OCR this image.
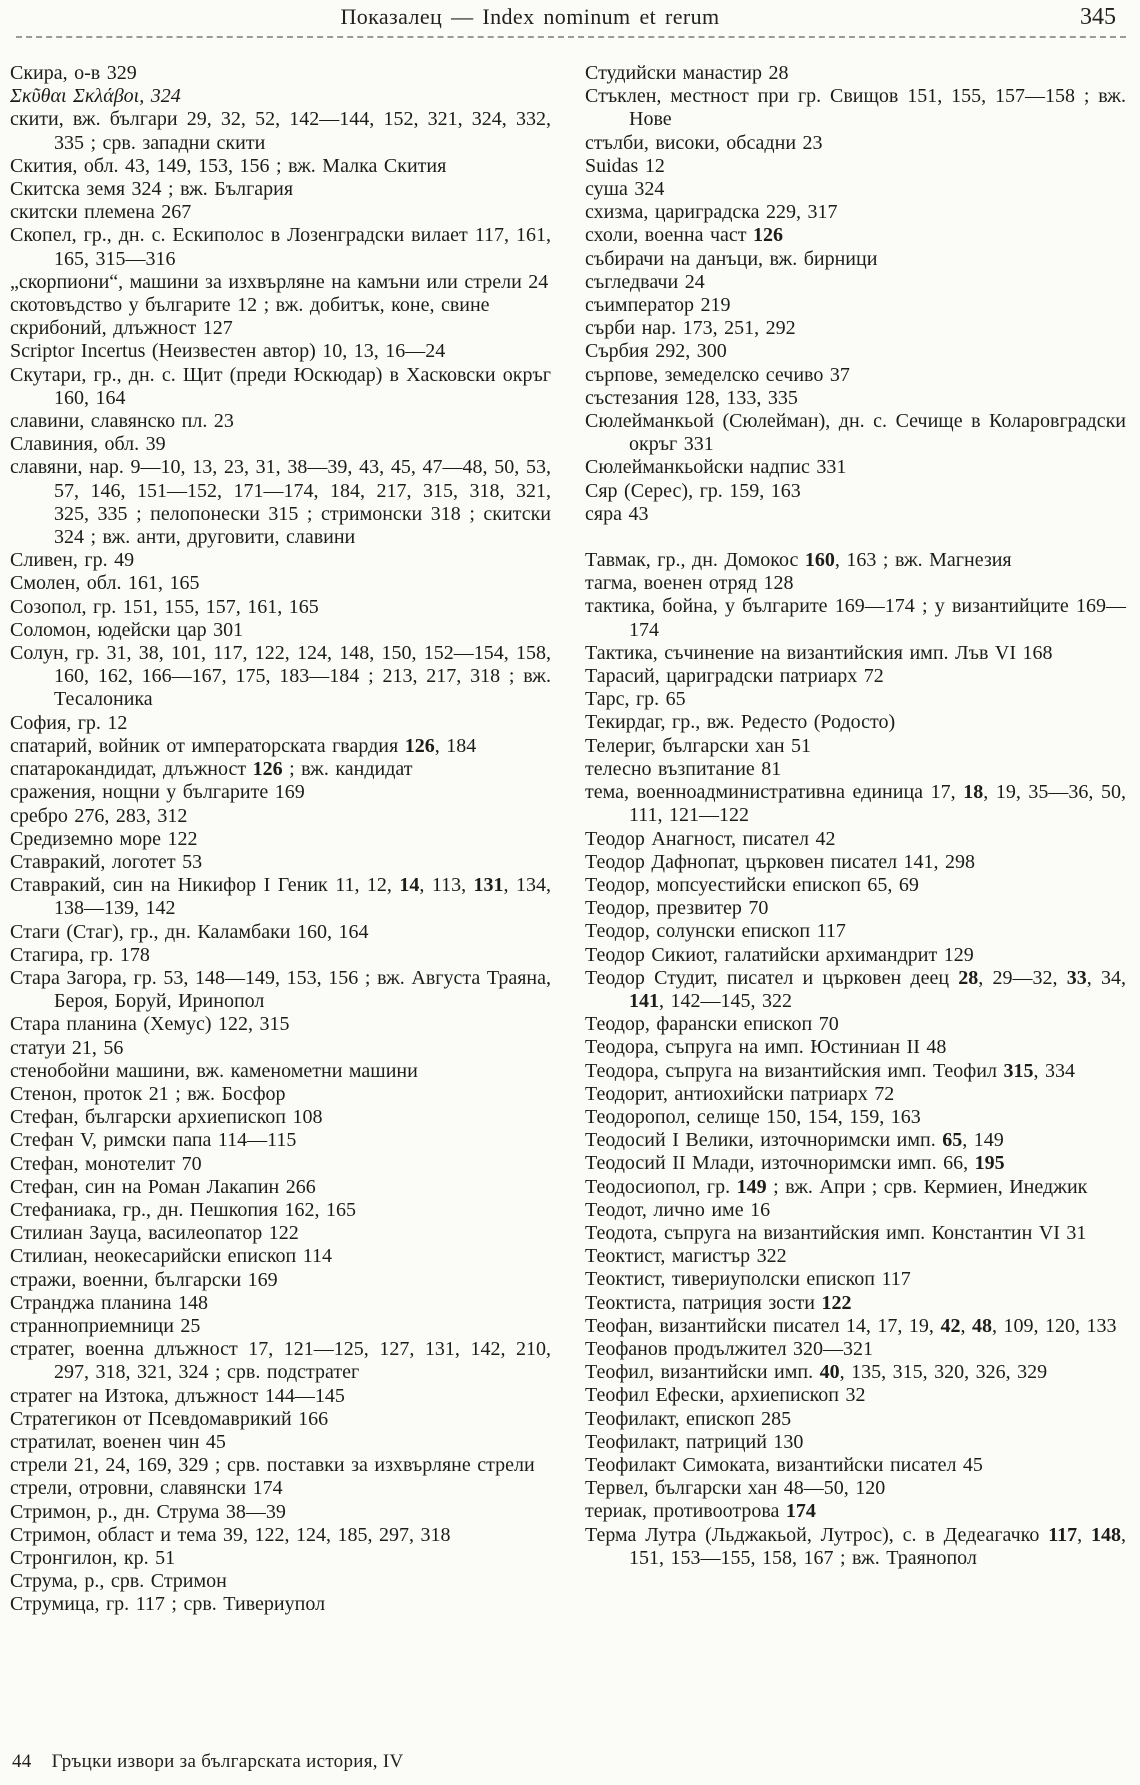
Показалец — Index nominum et rerum	345

Скира, о-в 329

Σκῦθαι Σκλάβοι, 324

скити, вж. българи 29, 32, 52, 142—144, 152, 321, 324, 332, 335 ; срв. западни скити

Скития, обл. 43, 149, 153, 156 ; вж. Малка Скития

Скитска земя 324 ; вж. България

скитски племена 267

Скопел, гр., дн. с. Ескиполос в Лозенградски вилает 117, 161, 165, 315—316

„скорпиони“, машини за изхвърляне на камъни или стрели 24

скотовъдство у българите 12 ; вж. добитък, коне, свине

скрибоний, длъжност 127

Scriptor Incertus (Неизвестен автор) 10, 13, 16—24

Скутари, гр., дн. с. Щит (преди Юскюдар) в Хасковски окръг 160, 164

славини, славянско пл. 23

Славиния, обл. 39

славяни, нар. 9—10, 13, 23, 31, 38—39, 43, 45, 47—48, 50, 53, 57, 146, 151—152, 171—174, 184, 217, 315, 318, 321, 325, 335 ; пелопонески 315 ; стримонски 318 ; скитски 324 ; вж. анти, друговити, славини

Сливен, гр. 49

Смолен, обл. 161, 165

Созопол, гр. 151, 155, 157, 161, 165

Соломон, юдейски цар 301

Солун, гр. 31, 38, 101, 117, 122, 124, 148, 150, 152—154, 158, 160, 162, 166—167, 175, 183—184 ; 213, 217, 318 ; вж. Тесалоника

София, гр. 12

спатарий, войник от императорската гвардия 126, 184

спатарокандидат, длъжност 126 ; вж. кандидат

сражения, нощни у българите 169

сребро 276, 283, 312

Средиземно море 122

Ставракий, логотет 53

Ставракий, син на Никифор I Геник 11, 12, 14, 113, 131, 134, 138—139, 142

Стаги (Стаг), гр., дн. Каламбаки 160, 164

Стагира, гр. 178

Стара Загора, гр. 53, 148—149, 153, 156 ; вж. Августа Траяна, Бероя, Боруй, Иринопол

Стара планина (Хемус) 122, 315

статуи 21, 56

стенобойни машини, вж. каменометни машини

Стенон, проток 21 ; вж. Босфор

Стефан, български архиепископ 108

Стефан V, римски папа 114—115

Стефан, монотелит 70

Стефан, син на Роман Лакапин 266

Стефаниака, гр., дн. Пешкопия 162, 165

Стилиан Зауца, василеопатор 122

Стилиан, неокесарийски епископ 114

стражи, военни, български 169

Странджа планина 148

странноприемници 25

стратег, военна длъжност 17, 121—125, 127, 131, 142, 210, 297, 318, 321, 324 ; срв. подстратег

стратег на Изтока, длъжност 144—145

Стратегикон от Псевдомаврикий 166

стратилат, военен чин 45

стрели 21, 24, 169, 329 ; срв. поставки за изхвърляне стрели

стрели, отровни, славянски 174

Стримон, р., дн. Струма 38—39

Стримон, област и тема 39, 122, 124, 185, 297, 318

Стронгилон, кр. 51

Струма, р., срв. Стримон

Струмица, гр. 117 ; срв. Тивериупол

Студийски манастир 28

Стъклен, местност при гр. Свищов 151, 155, 157—158 ; вж. Нове

стълби, високи, обсадни 23

Suidas 12

суша 324

схизма, цариградска 229, 317

схоли, военна част 126

събирачи на данъци, вж. бирници

съгледвачи 24

съимператор 219

сърби нар. 173, 251, 292

Сърбия 292, 300

сърпове, земеделско сечиво 37

състезания 128, 133, 335

Сюлейманкьой (Сюлейман), дн. с. Сечище в Коларовградски окръг 331

Сюлейманкьойски надпис 331

Сяр (Серес), гр. 159, 163

сяра 43

Тавмак, гр., дн. Домокос 160, 163 ; вж. Магнезия

тагма, военен отряд 128

тактика, бойна, у българите 169—174 ; у византийците 169—174

Тактика, съчинение на византийския имп. Лъв VI 168

Тарасий, цариградски патриарх 72

Тарс, гр. 65

Текирдаг, гр., вж. Редесто (Родосто)

Телериг, български хан 51

телесно възпитание 81

тема, военноадминистративна единица 17, 18, 19, 35—36, 50, 111, 121—122

Теодор Анагност, писател 42

Теодор Дафнопат, църковен писател 141, 298

Теодор, мопсуестийски епископ 65, 69

Теодор, презвитер 70

Теодор, солунски епископ 117

Теодор Сикиот, галатийски архимандрит 129

Теодор Студит, писател и църковен деец 28, 29—32, 33, 34, 141, 142—145, 322

Теодор, фарански епископ 70

Теодора, съпруга на имп. Юстиниан II 48

Теодора, съпруга на византийския имп. Теофил 315, 334

Теодорит, антиохийски патриарх 72

Теодоропол, селище 150, 154, 159, 163

Теодосий I Велики, източноримски имп. 65, 149

Теодосий II Млади, източноримски имп. 66, 195

Теодосиопол, гр. 149 ; вж. Апри ; срв. Кермиен, Инеджик

Теодот, лично име 16

Теодота, съпруга на византийския имп. Константин VI 31

Теоктист, магистър 322

Теоктист, тивериуполски епископ 117

Теоктиста, патриция зости 122

Теофан, византийски писател 14, 17, 19, 42, 48, 109, 120, 133

Теофанов продължител 320—321

Теофил, византийски имп. 40, 135, 315, 320, 326, 329

Теофил Ефески, архиепископ 32

Теофилакт, епископ 285

Теофилакт, патриций 130

Теофилакт Симоката, византийски писател 45

Тервел, български хан 48—50, 120

териак, противоотрова 174

Терма Лутра (Льджакьой, Лутрос), с. в Дедеагачко 117, 148, 151, 153—155, 158, 167 ; вж. Траянопол

44 Гръцки извори за българската история, IV
